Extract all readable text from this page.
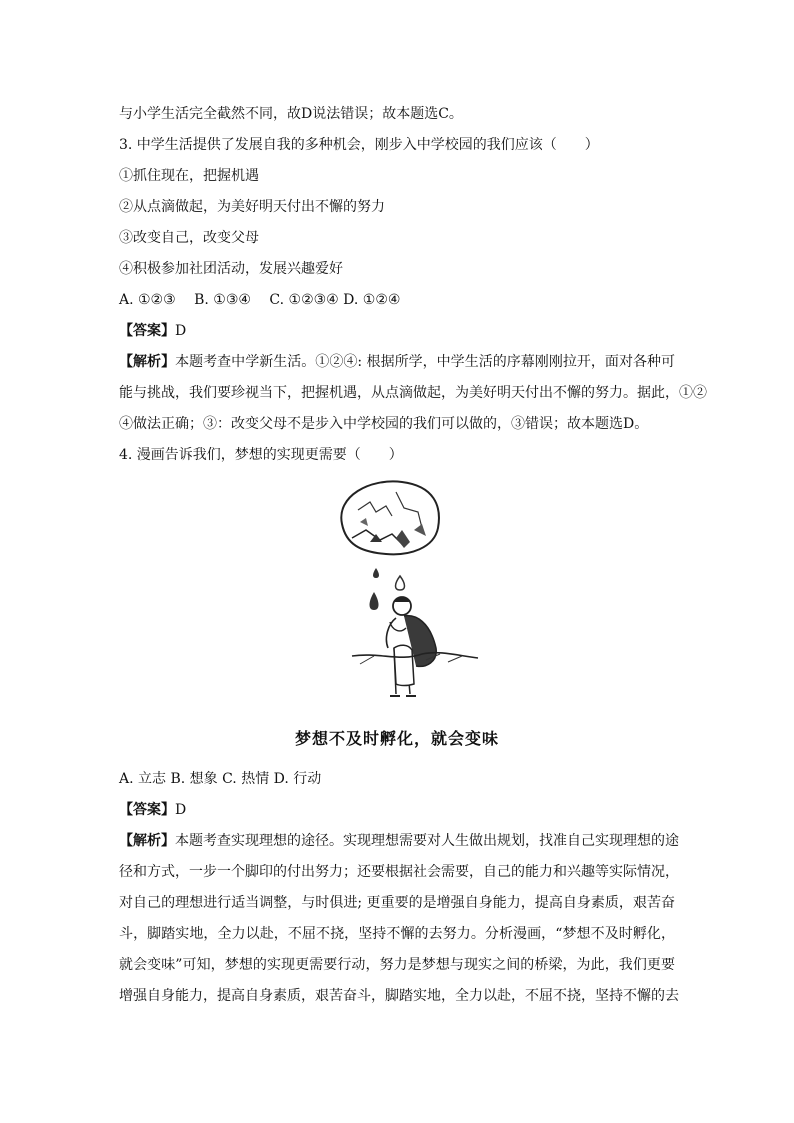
与小学生活完全截然不同，故D说法错误；故本题选C。
3. 中学生活提供了发展自我的多种机会，刚步入中学校园的我们应该（　　）
①抓住现在，把握机遇
②从点滴做起，为美好明天付出不懈的努力
③改变自己，改变父母
④积极参加社团活动，发展兴趣爱好
A. ①②③　 B. ①③④　 C. ①②③④ D. ①②④
【答案】D
【解析】本题考查中学新生活。①②④: 根据所学，中学生活的序幕刚刚拉开，面对各种可
能与挑战，我们要珍视当下，把握机遇，从点滴做起，为美好明天付出不懈的努力。据此，①②
④做法正确；③：改变父母不是步入中学校园的我们可以做的，③错误；故本题选D。
4. 漫画告诉我们，梦想的实现更需要（　　）
梦想不及时孵化，就会变味
A. 立志 B. 想象 C. 热情 D. 行动
【答案】D
【解析】本题考查实现理想的途径。实现理想需要对人生做出规划，找准自己实现理想的途
径和方式，一步一个脚印的付出努力；还要根据社会需要，自己的能力和兴趣等实际情况，
对自己的理想进行适当调整，与时俱进; 更重要的是增强自身能力，提高自身素质，艰苦奋
斗，脚踏实地，全力以赴，不屈不挠，坚持不懈的去努力。分析漫画，“梦想不及时孵化，
就会变味”可知，梦想的实现更需要行动，努力是梦想与现实之间的桥梁，为此，我们更要
增强自身能力，提高自身素质，艰苦奋斗，脚踏实地，全力以赴，不屈不挠，坚持不懈的去
